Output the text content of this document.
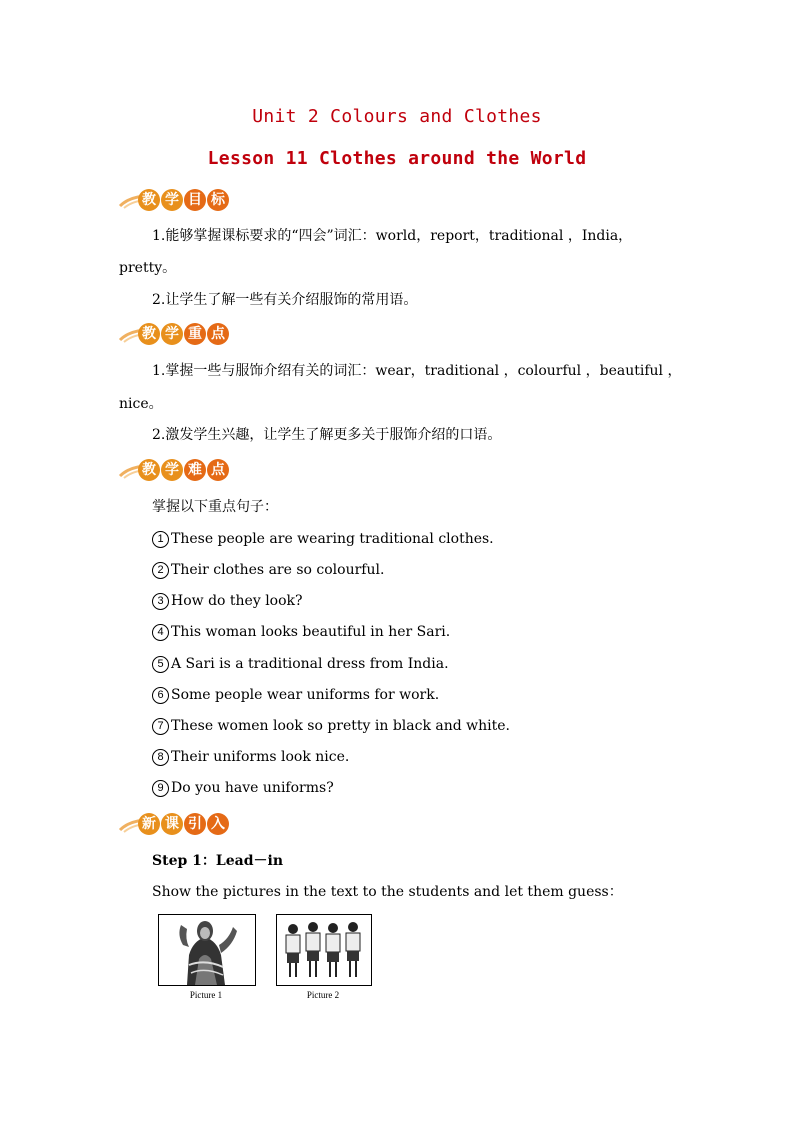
Unit 2 Colours and Clothes
Lesson 11 Clothes around the World
教 学 目 标
1.能够掌握课标要求的“四会”词汇：world，report，traditional ，India，
pretty。
2.让学生了解一些有关介绍服饰的常用语。
教 学 重 点
1.掌握一些与服饰介绍有关的词汇：wear，traditional ，colourful ，beautiful ，
nice。
2.激发学生兴趣，让学生了解更多关于服饰介绍的口语。
教 学 难 点
掌握以下重点句子：
1 These people are wearing traditional clothes.
2 Their clothes are so colourful.
3 How do they look?
4 This woman looks beautiful in her Sari.
5 A Sari is a traditional dress from India.
6 Some people wear uniforms for work.
7 These women look so pretty in black and white.
8 Their uniforms look nice.
9 Do you have uniforms?
新 课 引 入
Step 1：Lead－in
Show the pictures in the text to the students and let them guess：
Picture 1	Picture 2
